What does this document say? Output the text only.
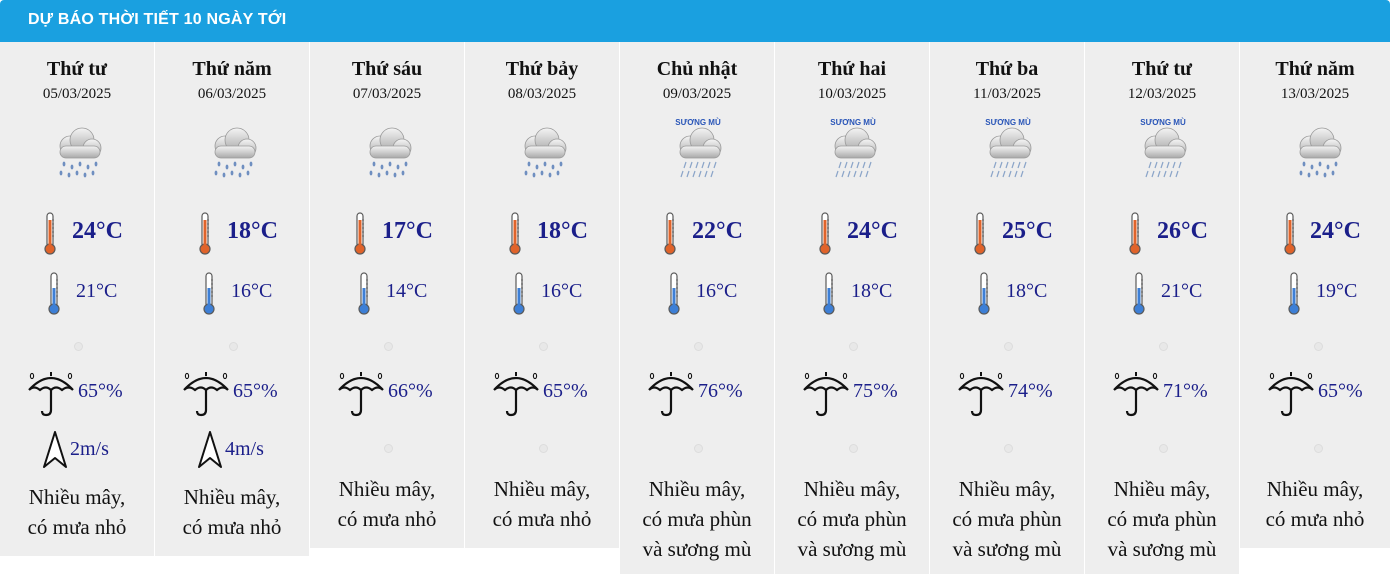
DỰ BÁO THỜI TIẾT 10 NGÀY TỚI
Thứ tư
05/03/2025
24°C
21°C
65°%
2m/s
Nhiều mây,
có mưa nhỏ
Thứ năm
06/03/2025
18°C
16°C
65°%
4m/s
Nhiều mây,
có mưa nhỏ
Thứ sáu
07/03/2025
17°C
14°C
66°%
Nhiều mây,
có mưa nhỏ
Thứ bảy
08/03/2025
18°C
16°C
65°%
Nhiều mây,
có mưa nhỏ
Chủ nhật
09/03/2025
SƯƠNG MÙ
22°C
16°C
76°%
Nhiều mây,
có mưa phùn
và sương mù
Thứ hai
10/03/2025
SƯƠNG MÙ
24°C
18°C
75°%
Nhiều mây,
có mưa phùn
và sương mù
Thứ ba
11/03/2025
SƯƠNG MÙ
25°C
18°C
74°%
Nhiều mây,
có mưa phùn
và sương mù
Thứ tư
12/03/2025
SƯƠNG MÙ
26°C
21°C
71°%
Nhiều mây,
có mưa phùn
và sương mù
Thứ năm
13/03/2025
24°C
19°C
65°%
Nhiều mây,
có mưa nhỏ
